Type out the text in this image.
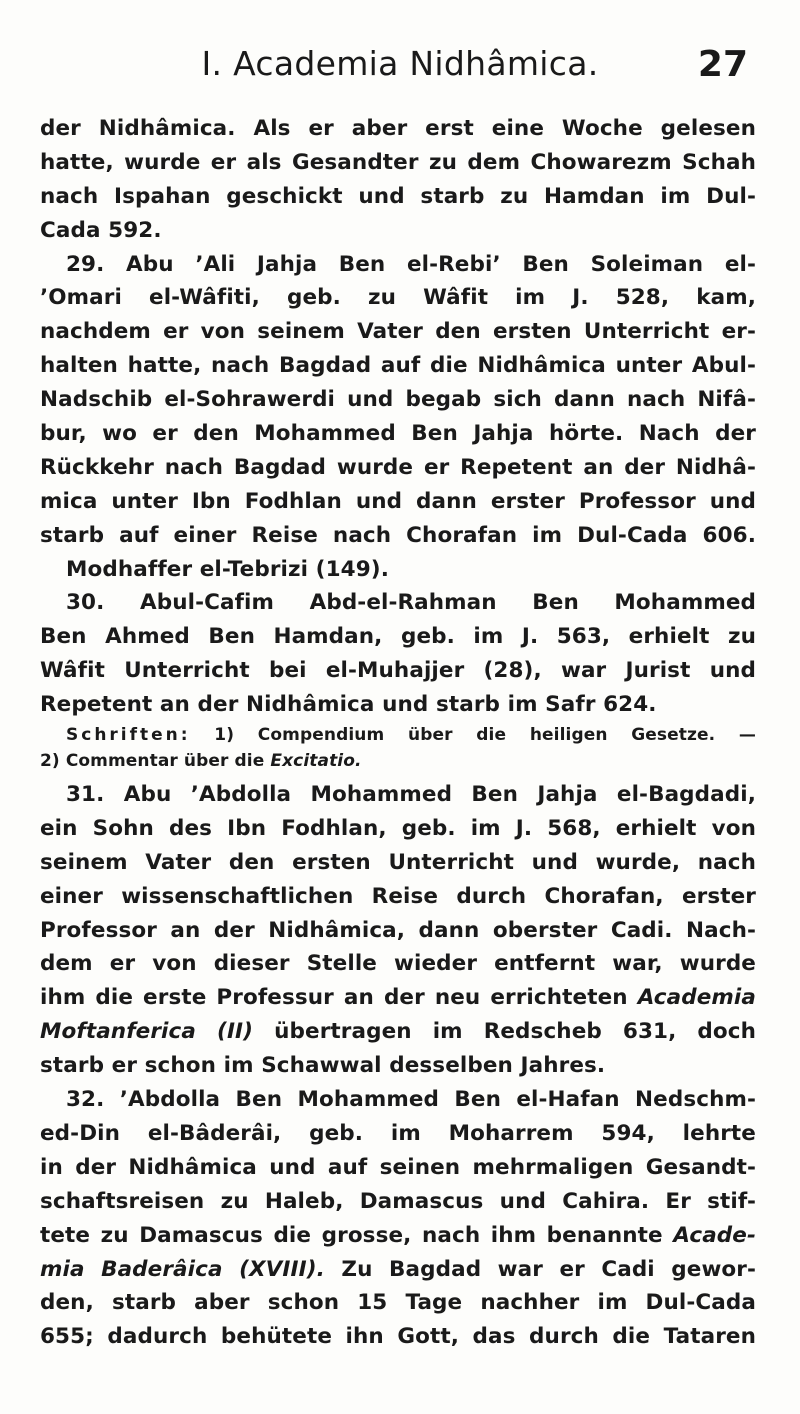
I. Academia Nidhâmica.	27
der Nidhâmica. Als er aber erst eine Woche gelesen
hatte, wurde er als Gesandter zu dem Chowarezm Schah
nach Ispahan geschickt und starb zu Hamdan im Dul-
Cada 592.
29. Abu ’Ali Jahja Ben el-Rebi’ Ben Soleiman el-
’Omari el-Wâfiti, geb. zu Wâfit im J. 528, kam,
nachdem er von seinem Vater den ersten Unterricht er-
halten hatte, nach Bagdad auf die Nidhâmica unter Abul-
Nadschib el-Sohrawerdi und begab sich dann nach Nifâ-
bur, wo er den Mohammed Ben Jahja hörte. Nach der
Rückkehr nach Bagdad wurde er Repetent an der Nidhâ-
mica unter Ibn Fodhlan und dann erster Professor und
starb auf einer Reise nach Chorafan im Dul-Cada 606.
Modhaffer el-Tebrizi (149).
30. Abul-Cafim Abd-el-Rahman Ben Mohammed
Ben Ahmed Ben Hamdan, geb. im J. 563, erhielt zu
Wâfit Unterricht bei el-Muhajjer (28), war Jurist und
Repetent an der Nidhâmica und starb im Safr 624.
Schriften: 1) Compendium über die heiligen Gesetze. —
2) Commentar über die Excitatio.
31. Abu ’Abdolla Mohammed Ben Jahja el-Bagdadi,
ein Sohn des Ibn Fodhlan, geb. im J. 568, erhielt von
seinem Vater den ersten Unterricht und wurde, nach
einer wissenschaftlichen Reise durch Chorafan, erster
Professor an der Nidhâmica, dann oberster Cadi. Nach-
dem er von dieser Stelle wieder entfernt war, wurde
ihm die erste Professur an der neu errichteten Academia
Moftanferica (II) übertragen im Redscheb 631, doch
starb er schon im Schawwal desselben Jahres.
32. ’Abdolla Ben Mohammed Ben el-Hafan Nedschm-
ed-Din el-Bâderâi, geb. im Moharrem 594, lehrte
in der Nidhâmica und auf seinen mehrmaligen Gesandt-
schaftsreisen zu Haleb, Damascus und Cahira. Er stif-
tete zu Damascus die grosse, nach ihm benannte Acade-
mia Baderâica (XVIII). Zu Bagdad war er Cadi gewor-
den, starb aber schon 15 Tage nachher im Dul-Cada
655; dadurch behütete ihn Gott, das durch die Tataren
